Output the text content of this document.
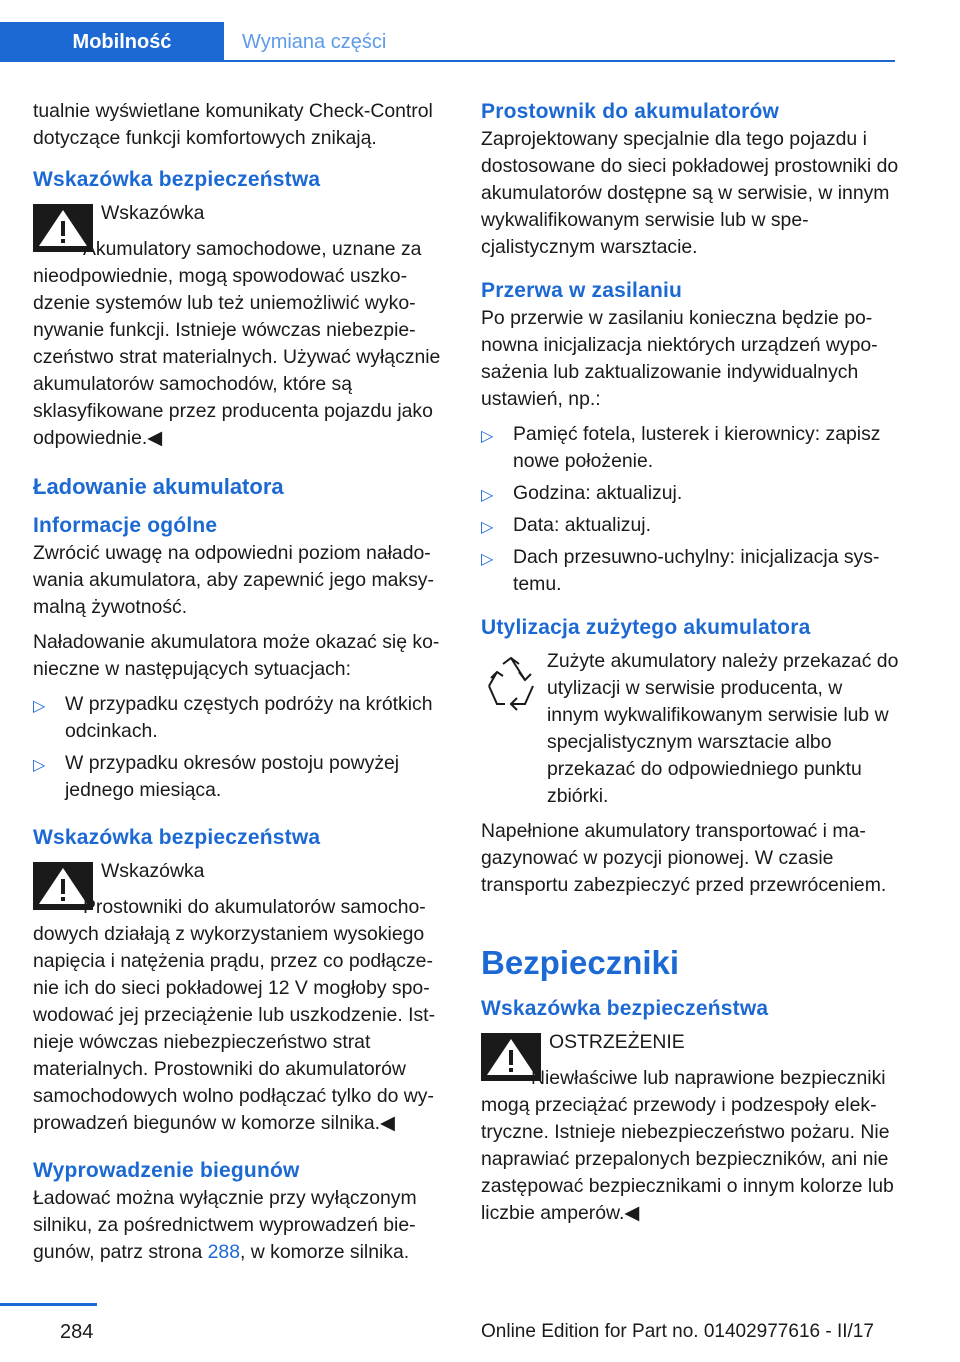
Mobilność	Wymiana części

tualnie wyświetlane komunikaty Check-Control dotyczące funkcji komfortowych znikają.

Wskazówka bezpieczeństwa

Wskazówka

Akumulatory samochodowe, uznane za nieodpowiednie, mogą spowodować uszkodzenie systemów lub też uniemożliwić wykonywanie funkcji. Istnieje wówczas niebezpieczeństwo strat materialnych. Używać wyłącznie akumulatorów samochodów, które są sklasyfikowane przez producenta pojazdu jako odpowiednie.◀

Ładowanie akumulatora
Informacje ogólne

Zwrócić uwagę na odpowiedni poziom naładowania akumulatora, aby zapewnić jego maksymalną żywotność.

Naładowanie akumulatora może okazać się konieczne w następujących sytuacjach:

▷ W przypadku częstych podróży na krótkich odcinkach.
▷ W przypadku okresów postoju powyżej jednego miesiąca.
Wskazówka bezpieczeństwa

Wskazówka

Prostowniki do akumulatorów samochodowych działają z wykorzystaniem wysokiego napięcia i natężenia prądu, przez co podłączenie ich do sieci pokładowej 12 V mogłoby spowodować jej przeciążenie lub uszkodzenie. Istnieje wówczas niebezpieczeństwo strat materialnych. Prostowniki do akumulatorów samochodowych wolno podłączać tylko do wyprowadzeń biegunów w komorze silnika.◀

Wyprowadzenie biegunów

Ładować można wyłącznie przy wyłączonym silniku, za pośrednictwem wyprowadzeń biegunów, patrz strona 288, w komorze silnika.

Prostownik do akumulatorów

Zaprojektowany specjalnie dla tego pojazdu i dostosowane do sieci pokładowej prostowniki do akumulatorów dostępne są w serwisie, w innym wykwalifikowanym serwisie lub w specjalistycznym warsztacie.

Przerwa w zasilaniu

Po przerwie w zasilaniu konieczna będzie ponowna inicjalizacja niektórych urządzeń wyposażenia lub zaktualizowanie indywidualnych ustawień, np.:

▷ Pamięć fotela, lusterek i kierownicy: zapisz nowe położenie.
▷ Godzina: aktualizuj.
▷ Data: aktualizuj.
▷ Dach przesuwno-uchylny: inicjalizacja systemu.
Utylizacja zużytego akumulatora

Zużyte akumulatory należy przekazać do utylizacji w serwisie producenta, w innym wykwalifikowanym serwisie lub w specjalistycznym warsztacie albo przekazać do odpowiedniego punktu zbiórki.

Napełnione akumulatory transportować i magazynować w pozycji pionowej. W czasie transportu zabezpieczyć przed przewróceniem.

Bezpieczniki
Wskazówka bezpieczeństwa

OSTRZEŻENIE

Niewłaściwe lub naprawione bezpieczniki mogą przeciążać przewody i podzespoły elektryczne. Istnieje niebezpieczeństwo pożaru. Nie naprawiać przepalonych bezpieczników, ani nie zastępować bezpiecznikami o innym kolorze lub liczbie amperów.◀

284	Online Edition for Part no. 01402977616 - II/17
